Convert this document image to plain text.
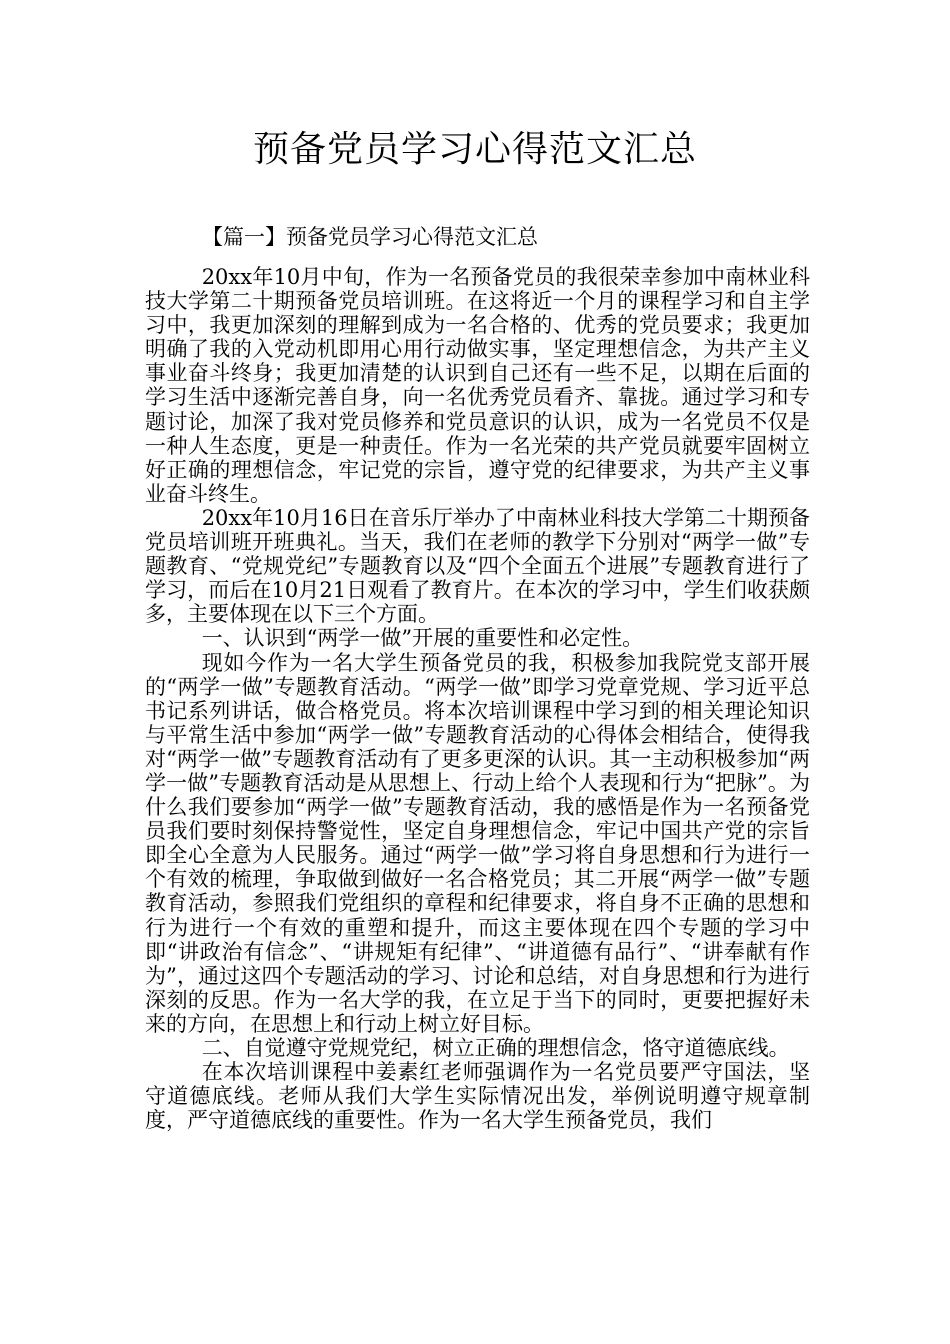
预备党员学习心得范文汇总
【篇一】预备党员学习心得范文汇总

20xx年10月中旬，作为一名预备党员的我很荣幸参加中南林业科技大学第二十期预备党员培训班。在这将近一个月的课程学习和自主学习中，我更加深刻的理解到成为一名合格的、优秀的党员要求；我更加明确了我的入党动机即用心用行动做实事，坚定理想信念，为共产主义事业奋斗终身；我更加清楚的认识到自己还有一些不足，以期在后面的学习生活中逐渐完善自身，向一名优秀党员看齐、靠拢。通过学习和专题讨论，加深了我对党员修养和党员意识的认识，成为一名党员不仅是一种人生态度，更是一种责任。作为一名光荣的共产党员就要牢固树立好正确的理想信念，牢记党的宗旨，遵守党的纪律要求，为共产主义事业奋斗终生。

20xx年10月16日在音乐厅举办了中南林业科技大学第二十期预备党员培训班开班典礼。当天，我们在老师的教学下分别对“两学一做”专题教育、“党规党纪”专题教育以及“四个全面五个进展”专题教育进行了学习，而后在10月21日观看了教育片。在本次的学习中，学生们收获颇多，主要体现在以下三个方面。

一、认识到“两学一做”开展的重要性和必定性。

现如今作为一名大学生预备党员的我，积极参加我院党支部开展的“两学一做”专题教育活动。“两学一做”即学习党章党规、学习近平总书记系列讲话，做合格党员。将本次培训课程中学习到的相关理论知识与平常生活中参加“两学一做”专题教育活动的心得体会相结合，使得我对“两学一做”专题教育活动有了更多更深的认识。其一主动积极参加“两学一做”专题教育活动是从思想上、行动上给个人表现和行为“把脉”。为什么我们要参加“两学一做”专题教育活动，我的感悟是作为一名预备党员我们要时刻保持警觉性，坚定自身理想信念，牢记中国共产党的宗旨即全心全意为人民服务。通过“两学一做”学习将自身思想和行为进行一个有效的梳理，争取做到做好一名合格党员；其二开展“两学一做”专题教育活动，参照我们党组织的章程和纪律要求，将自身不正确的思想和行为进行一个有效的重塑和提升，而这主要体现在四个专题的学习中即“讲政治有信念”、“讲规矩有纪律”、“讲道德有品行”、“讲奉献有作为”，通过这四个专题活动的学习、讨论和总结，对自身思想和行为进行深刻的反思。作为一名大学的我，在立足于当下的同时，更要把握好未来的方向，在思想上和行动上树立好目标。

二、自觉遵守党规党纪，树立正确的理想信念，恪守道德底线。

在本次培训课程中姜素红老师强调作为一名党员要严守国法，坚守道德底线。老师从我们大学生实际情况出发，举例说明遵守规章制度，严守道德底线的重要性。作为一名大学生预备党员，我们
